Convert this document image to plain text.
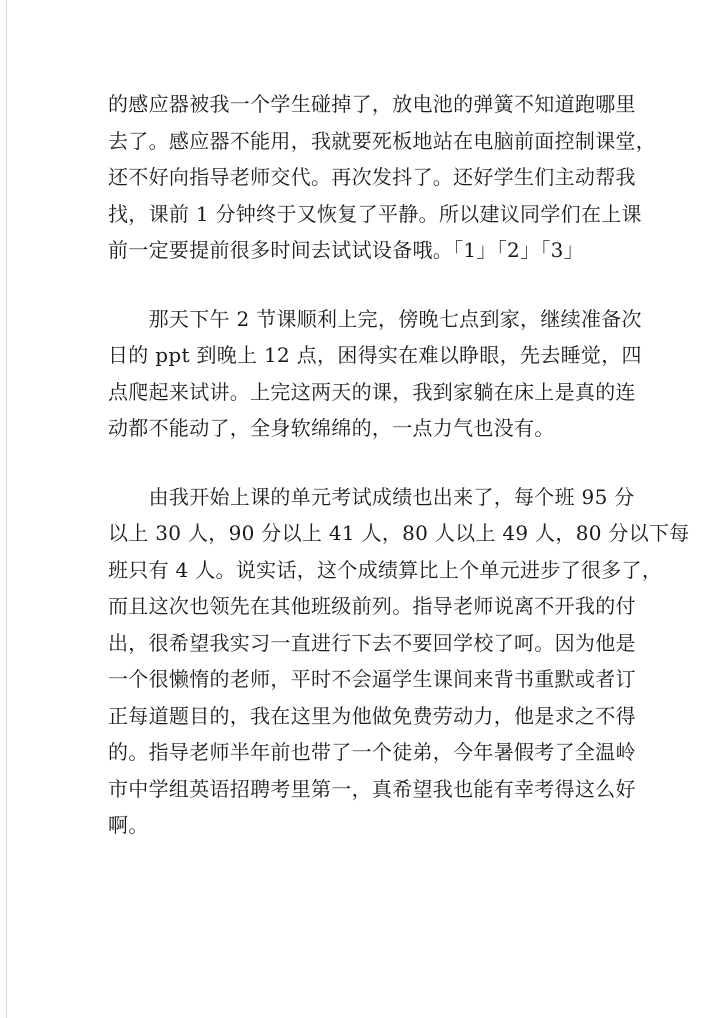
的感应器被我一个学生碰掉了，放电池的弹簧不知道跑哪里
去了。感应器不能用，我就要死板地站在电脑前面控制课堂，
还不好向指导老师交代。再次发抖了。还好学生们主动帮我
找，课前 1 分钟终于又恢复了平静。所以建议同学们在上课
前一定要提前很多时间去试试设备哦。「1」「2」「3」
　　那天下午 2 节课顺利上完，傍晚七点到家，继续准备次
日的 ppt 到晚上 12 点，困得实在难以睁眼，先去睡觉，四
点爬起来试讲。上完这两天的课，我到家躺在床上是真的连
动都不能动了，全身软绵绵的，一点力气也没有。
　　由我开始上课的单元考试成绩也出来了，每个班 95 分
以上 30 人，90 分以上 41 人，80 人以上 49 人，80 分以下每
班只有 4 人。说实话，这个成绩算比上个单元进步了很多了，
而且这次也领先在其他班级前列。指导老师说离不开我的付
出，很希望我实习一直进行下去不要回学校了呵。因为他是
一个很懒惰的老师，平时不会逼学生课间来背书重默或者订
正每道题目的，我在这里为他做免费劳动力，他是求之不得
的。指导老师半年前也带了一个徒弟，今年暑假考了全温岭
市中学组英语招聘考里第一，真希望我也能有幸考得这么好
啊。
